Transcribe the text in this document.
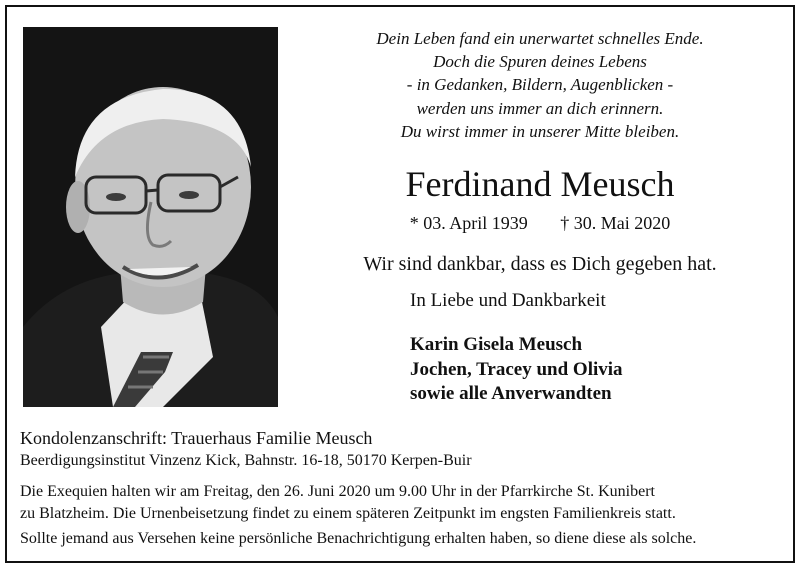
Dein Leben fand ein unerwartet schnelles Ende.
Doch die Spuren deines Lebens
- in Gedanken, Bildern, Augenblicken -
werden uns immer an dich erinnern.
Du wirst immer in unserer Mitte bleiben.
Ferdinand Meusch
* 03. April 1939 † 30. Mai 2020
Wir sind dankbar, dass es Dich gegeben hat.
In Liebe und Dankbarkeit
Karin Gisela Meusch
Jochen, Tracey und Olivia
sowie alle Anverwandten
Kondolenzanschrift: Trauerhaus Familie Meusch
Beerdigungsinstitut Vinzenz Kick, Bahnstr. 16-18, 50170 Kerpen-Buir
Die Exequien halten wir am Freitag, den 26. Juni 2020 um 9.00 Uhr in der Pfarrkirche St. Kunibert
zu Blatzheim. Die Urnenbeisetzung findet zu einem späteren Zeitpunkt im engsten Familienkreis statt.
Sollte jemand aus Versehen keine persönliche Benachrichtigung erhalten haben, so diene diese als solche.
